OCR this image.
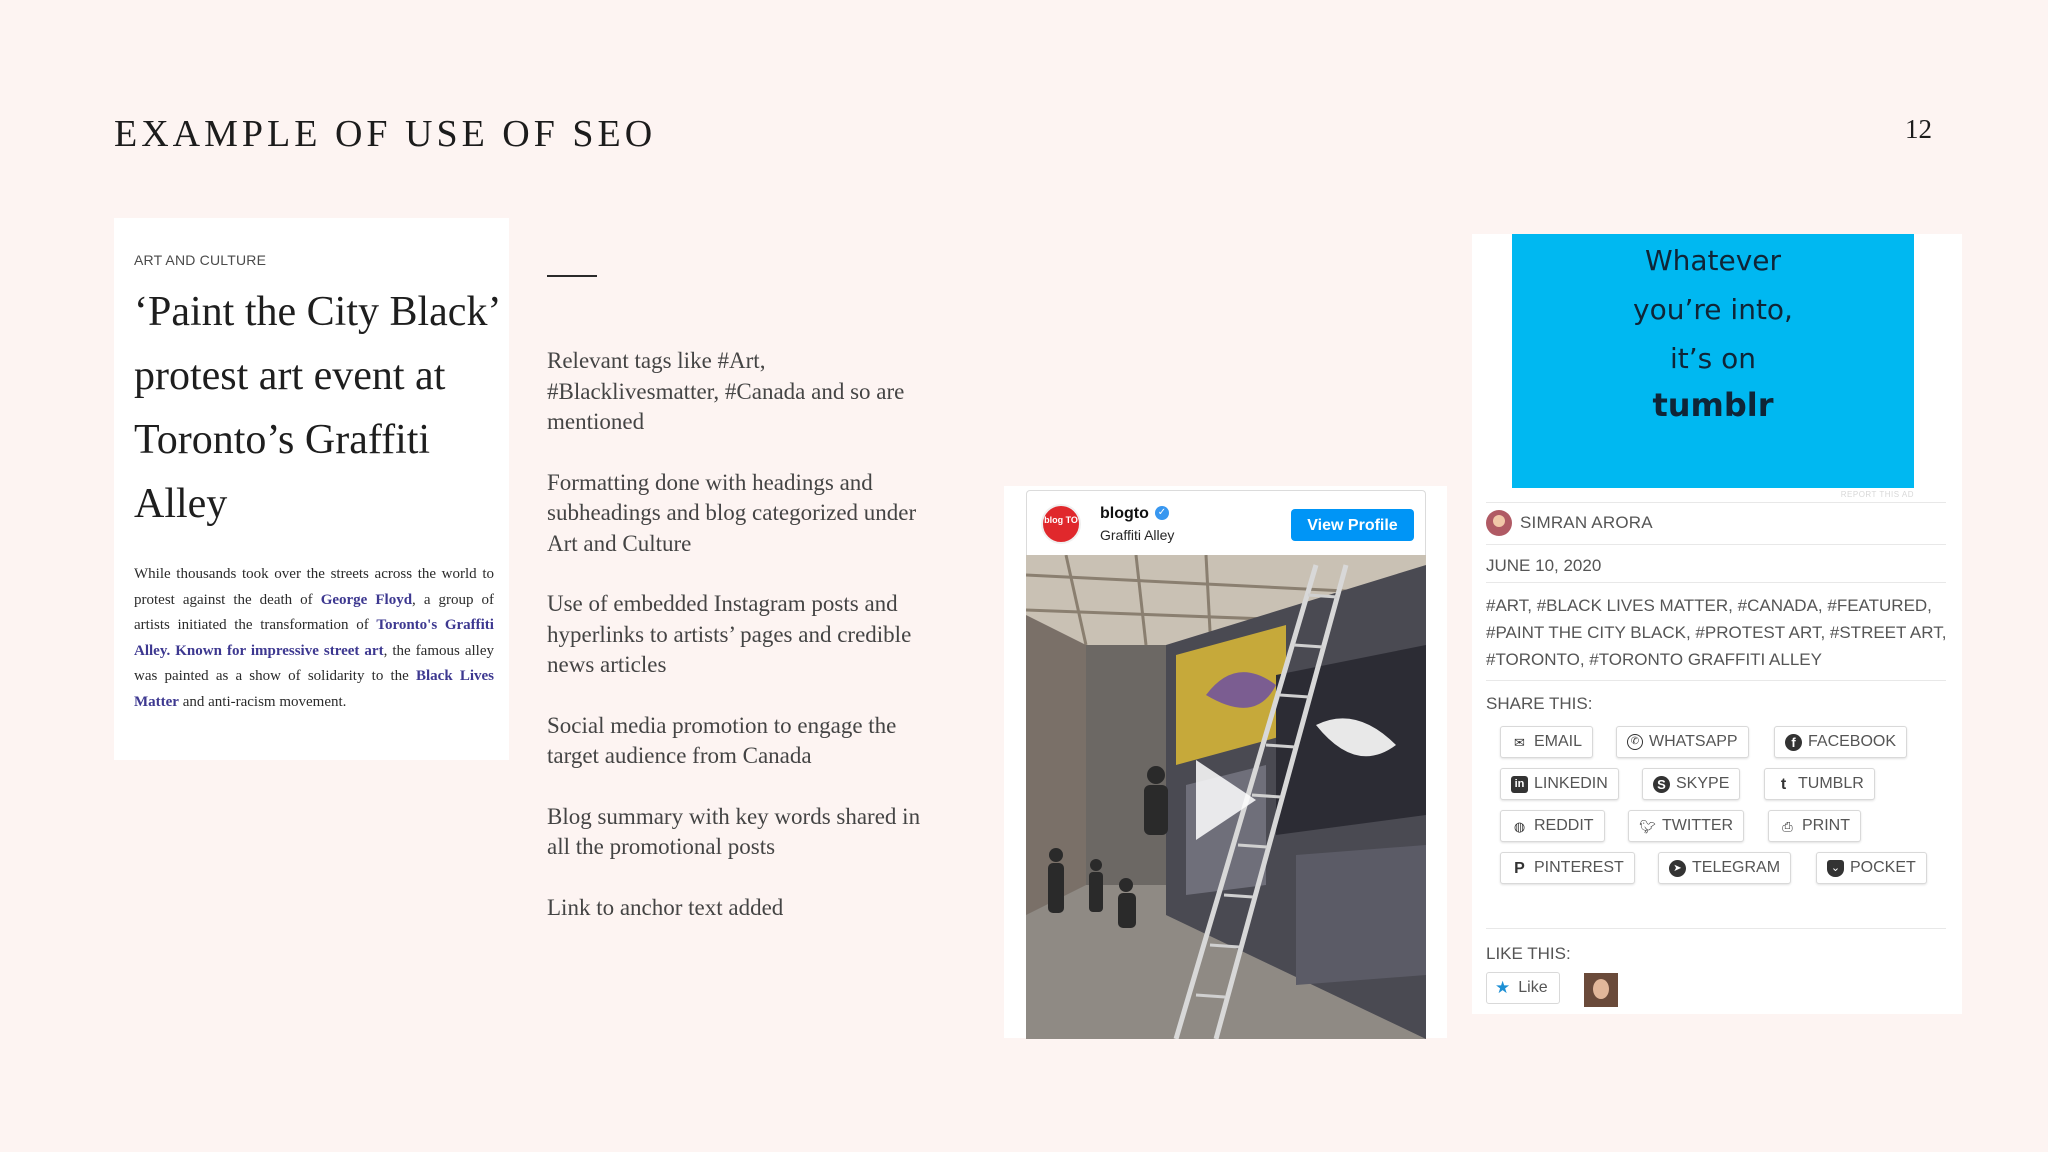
EXAMPLE OF USE OF SEO	12
ART AND CULTURE
‘Paint the City Black’ protest art event at Toronto’s Graffiti Alley

While thousands took over the streets across the world to protest against the death of George Floyd, a group of artists initiated the transformation of Toronto's Graffiti Alley. Known for impressive street art, the famous alley was painted as a show of solidarity to the Black Lives Matter and anti-racism movement.

Relevant tags like #Art, #Blacklivesmatter, #Canada and so are mentioned

Formatting done with headings and subheadings and blog categorized under Art and Culture

Use of embedded Instagram posts and hyperlinks to artists’ pages and credible news articles

Social media promotion to engage the target audience from Canada

Blog summary with key words shared in all the promotional posts

Link to anchor text added

blog TO blogto ✓
Graffiti Alley
View Profile
Whatever
you’re into,
it’s on
tumblr
REPORT THIS AD
SIMRAN ARORA
JUNE 10, 2020
#ART, #BLACK LIVES MATTER, #CANADA, #FEATURED, #PAINT THE CITY BLACK, #PROTEST ART, #STREET ART, #TORONTO, #TORONTO GRAFFITI ALLEY
SHARE THIS:
✉ EMAIL	✆ WHATSAPP	f FACEBOOK
in LINKEDIN	S SKYPE	t TUMBLR
◍ REDDIT	🐦︎ TWITTER	⎙ PRINT
P PINTEREST	➤ TELEGRAM	⌄ POCKET
LIKE THIS:
★ Like
